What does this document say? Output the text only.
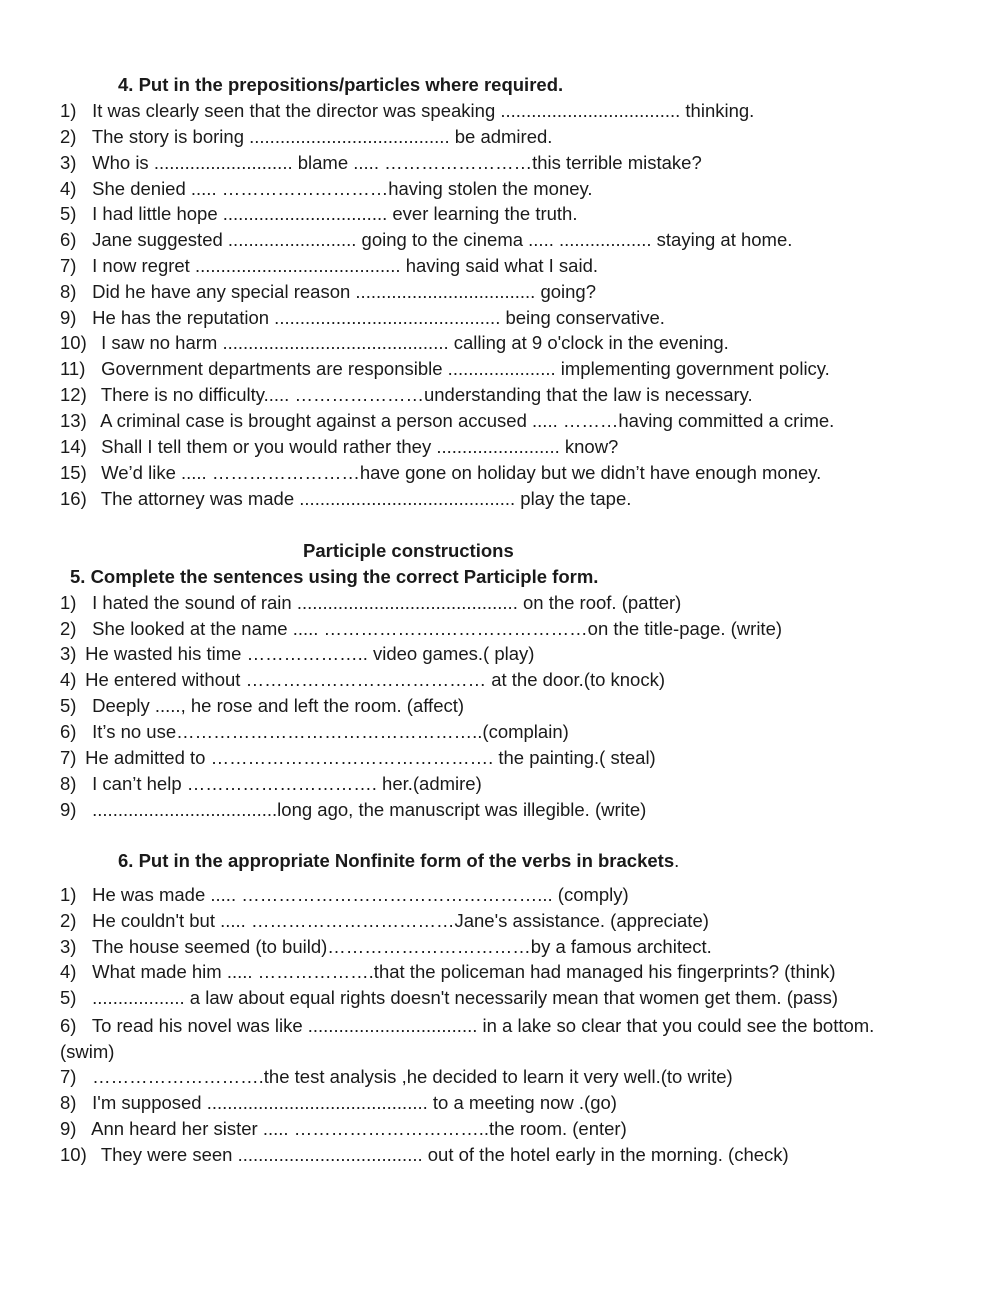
4. Put in the prepositions/particles where required.
1) It was clearly seen that the director was speaking ................................... thinking.
2) The story is boring ....................................... be admired.
3) Who is ........................... blame ..... ……………………this terrible mistake?
4) She denied ..... ………………………having stolen the money.
5) I had little hope ................................ ever learning the truth.
6) Jane suggested ......................... going to the cinema ..... .................. staying at home.
7) I now regret ........................................ having said what I said.
8) Did he have any special reason ................................... going?
9) He has the reputation ............................................ being conservative.
10) I saw no harm ............................................ calling at 9 o'clock in the evening.
11) Government departments are responsible ..................... implementing government policy.
12) There is no difficulty..... …………………understanding that the law is necessary.
13) A criminal case is brought against a person accused ..... ………having committed a crime.
14) Shall I tell them or you would rather they ........................ know?
15) We’d like ..... ……………………have gone on holiday but we didn’t have enough money.
16) The attorney was made .......................................... play the tape.
Participle constructions
5. Complete the sentences using the correct Participle form.
1) I hated the sound of rain ........................................... on the roof. (patter)
2) She looked at the name ..... ……………….……………………on the title-page. (write)
3) He wasted his time ……………….. video games.( play)
4) He entered without ………………………………… at the door.(to knock)
5) Deeply ....., he rose and left the room. (affect)
6) It’s no use…………………………………………..(complain)
7) He admitted to ………………………………………. the painting.( steal)
8) I can’t help …………………………. her.(admire)
9) ....................................long ago, the manuscript was illegible. (write)
6. Put in the appropriate Nonfinite form of the verbs in brackets.
1) He was made ..... …………………………………………... (comply)
2) He couldn't but ..... ……………………………Jane's assistance. (appreciate)
3) The house seemed (to build)……………………………by a famous architect.
4) What made him ..... ……………….that the policeman had managed his fingerprints? (think)
5) .................. a law about equal rights doesn't necessarily mean that women get them. (pass)
6) To read his novel was like ................................. in a lake so clear that you could see the bottom. (swim)
7) ……………………….the test analysis ,he decided to learn it very well.(to write)
8) I'm supposed ........................................... to a meeting now .(go)
9) Ann heard her sister ..... …………………………..the room. (enter)
10) They were seen .................................... out of the hotel early in the morning. (check)
